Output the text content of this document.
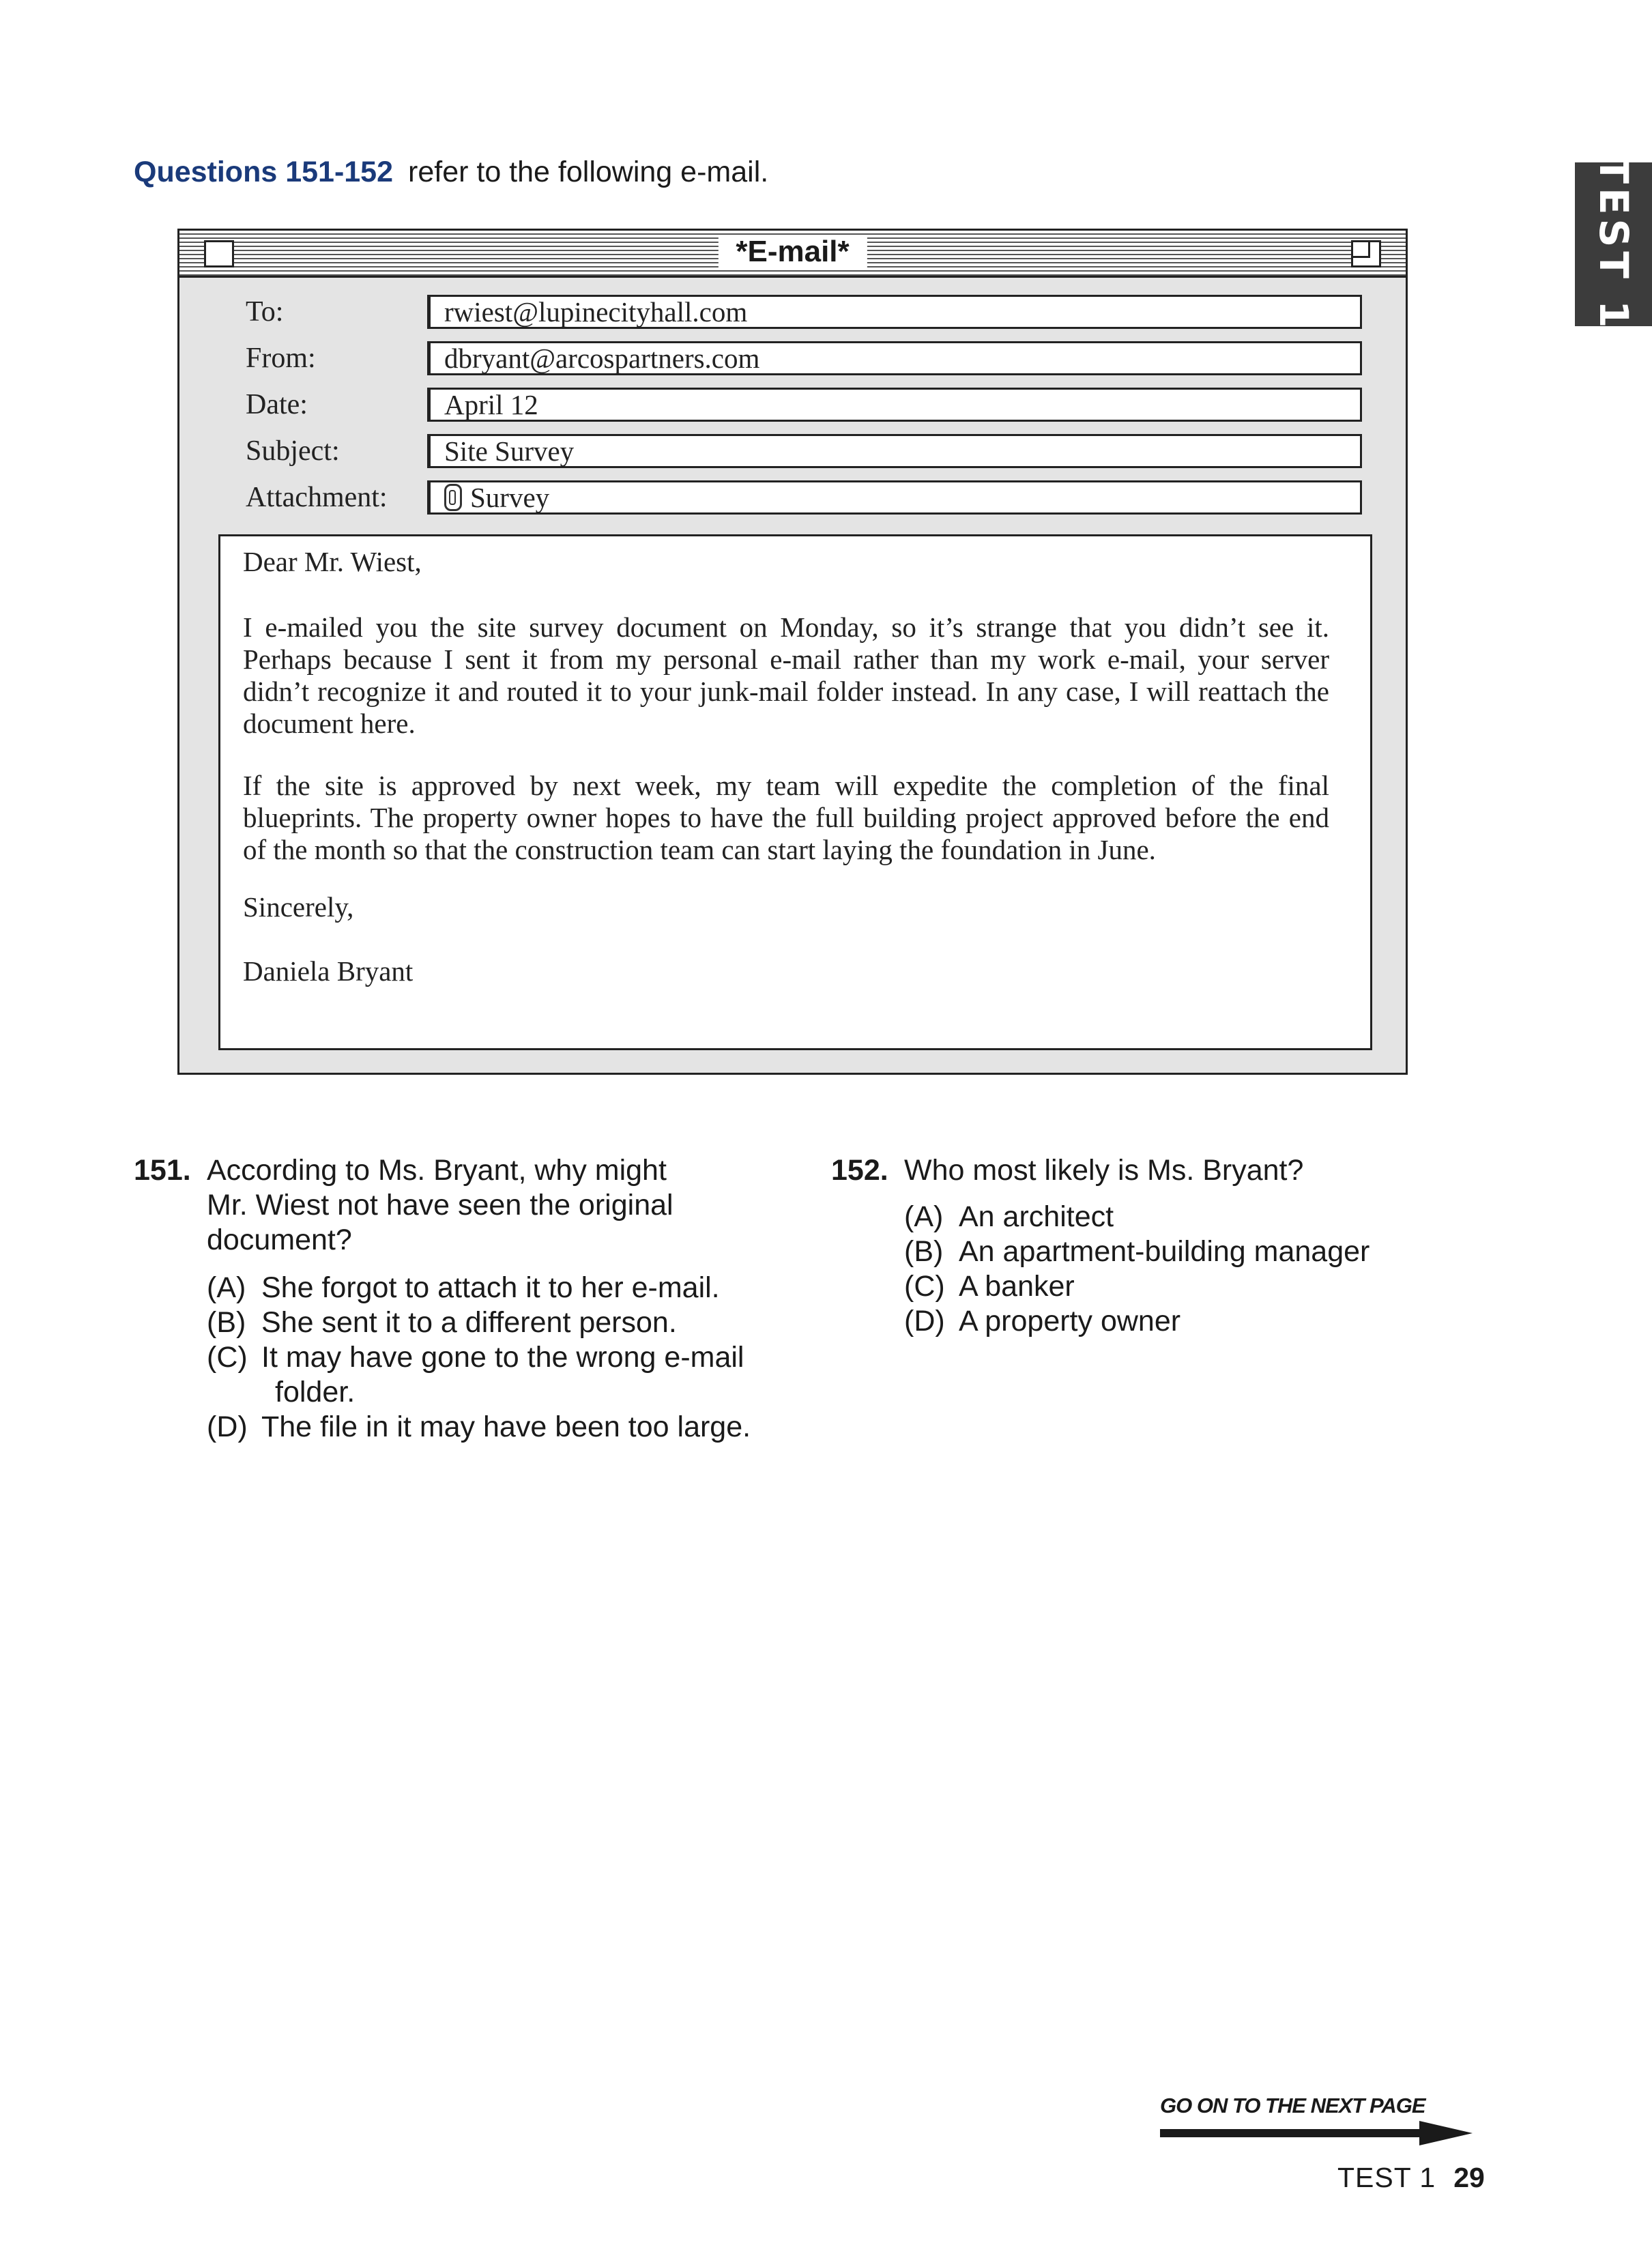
Questions 151-152 refer to the following e-mail.	TEST 1
*E-mail*
To:	rwiest@lupinecityhall.com
From:	dbryant@arcospartners.com
Date:	April 12
Subject:	Site Survey
Attachment:	Survey

Dear Mr. Wiest,

I e-mailed you the site survey document on Monday, so it’s strange that you didn’t see it. Perhaps because I sent it from my personal e-mail rather than my work e-mail, your server didn’t recognize it and routed it to your junk-mail folder instead. In any case, I will reattach the document here.

If the site is approved by next week, my team will expedite the completion of the final blueprints. The property owner hopes to have the full building project approved before the end of the month so that the construction team can start laying the foundation in June.

Sincerely,

Daniela Bryant

151. According to Ms. Bryant, why might
Mr. Wiest not have seen the original
document?
(A) She forgot to attach it to her e-mail.
(B) She sent it to a different person.
(C) It may have gone to the wrong e-mail
folder.
(D) The file in it may have been too large.
152. Who most likely is Ms. Bryant?
(A) An architect
(B) An apartment-building manager
(C) A banker
(D) A property owner
GO ON TO THE NEXT PAGE
TEST 1 29
